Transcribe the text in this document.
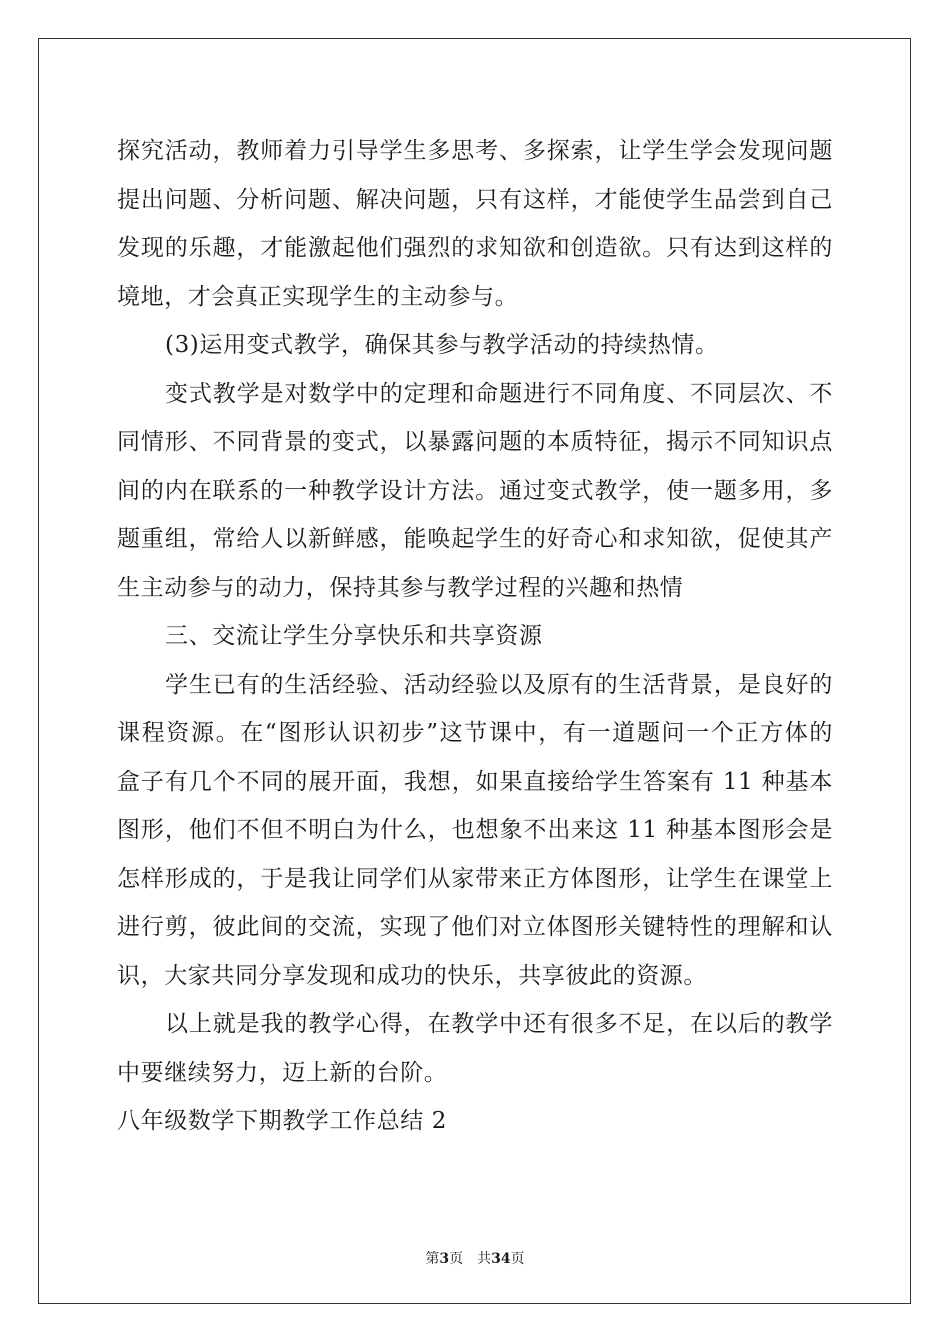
探究活动，教师着力引导学生多思考、多探索，让学生学会发现问题
提出问题、分析问题、解决问题，只有这样，才能使学生品尝到自己
发现的乐趣，才能激起他们强烈的求知欲和创造欲。只有达到这样的
境地，才会真正实现学生的主动参与。
(3)运用变式教学，确保其参与教学活动的持续热情。
变式教学是对数学中的定理和命题进行不同角度、不同层次、不
同情形、不同背景的变式，以暴露问题的本质特征，揭示不同知识点
间的内在联系的一种教学设计方法。通过变式教学，使一题多用，多
题重组，常给人以新鲜感，能唤起学生的好奇心和求知欲，促使其产
生主动参与的动力，保持其参与教学过程的兴趣和热情
三、交流让学生分享快乐和共享资源
学生已有的生活经验、活动经验以及原有的生活背景，是良好的
课程资源。在“图形认识初步”这节课中，有一道题问一个正方体的
盒子有几个不同的展开面，我想，如果直接给学生答案有 11 种基本
图形，他们不但不明白为什么，也想象不出来这 11 种基本图形会是
怎样形成的，于是我让同学们从家带来正方体图形，让学生在课堂上
进行剪，彼此间的交流，实现了他们对立体图形关键特性的理解和认
识，大家共同分享发现和成功的快乐，共享彼此的资源。
以上就是我的教学心得，在教学中还有很多不足，在以后的教学
中要继续努力，迈上新的台阶。
八年级数学下期教学工作总结 2
第3页 共34页
